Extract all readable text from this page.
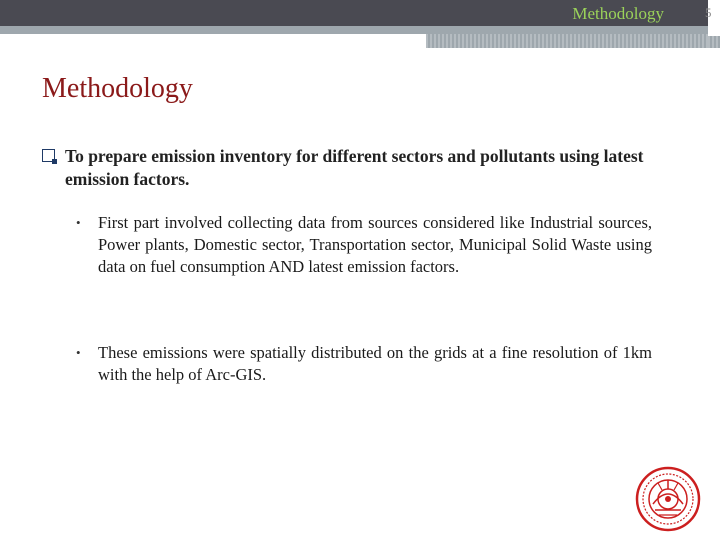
Methodology	5
Methodology
To prepare emission inventory for different sectors and pollutants using latest emission factors.
•	First part involved collecting data from sources considered like Industrial sources, Power plants, Domestic sector, Transportation sector, Municipal Solid Waste using data on fuel consumption AND latest emission factors.
•	These emissions were spatially distributed on the grids at a fine resolution of 1km with the help of Arc-GIS.
